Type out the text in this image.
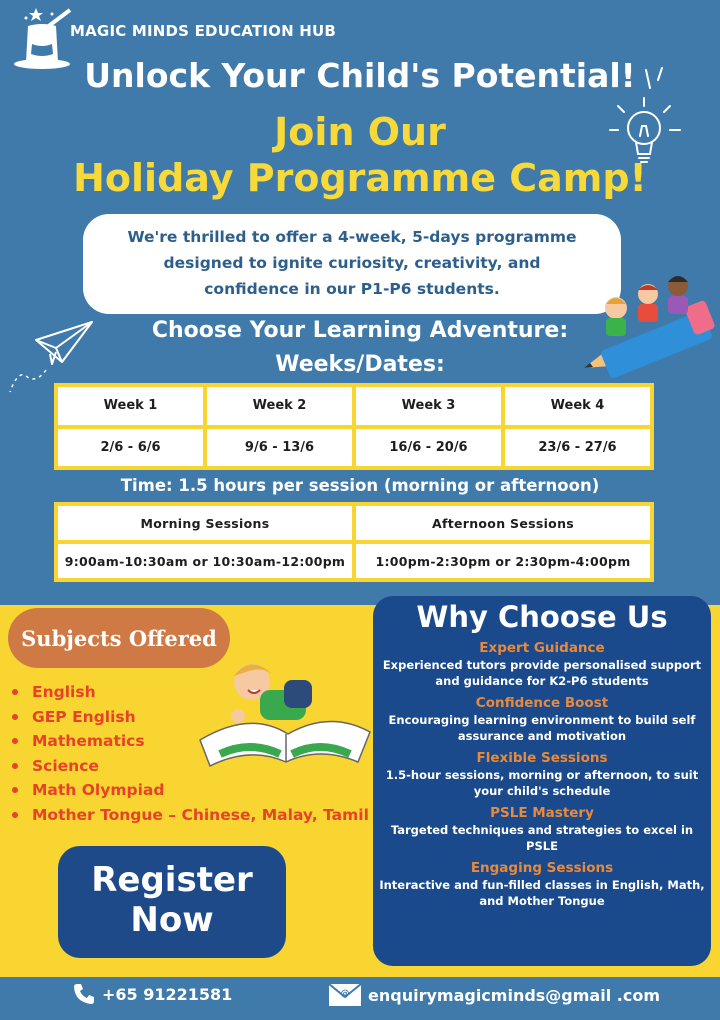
MAGIC MINDS EDUCATION HUB
Unlock Your Child's Potential!
Join Our
Holiday Programme Camp!
We're thrilled to offer a 4-week, 5-days programme
designed to ignite curiosity, creativity, and
confidence in our P1-P6 students.
Choose Your Learning Adventure:
Weeks/Dates:
Week 1	Week 2	Week 3	Week 4
2/6 - 6/6	9/6 - 13/6	16/6 - 20/6	23/6 - 27/6
Time: 1.5 hours per session (morning or afternoon)
Morning Sessions	Afternoon Sessions
9:00am-10:30am or 10:30am-12:00pm	1:00pm-2:30pm or 2:30pm-4:00pm
Subjects Offered
English
GEP English
Mathematics
Science
Math Olympiad
Mother Tongue – Chinese, Malay, Tamil
Register
Now
Why Choose Us
Expert Guidance
Experienced tutors provide personalised support and guidance for K2-P6 students
Confidence Boost
Encouraging learning environment to build self assurance and motivation
Flexible Sessions
1.5-hour sessions, morning or afternoon, to suit your child's schedule
PSLE Mastery
Targeted techniques and strategies to excel in PSLE
Engaging Sessions
Interactive and fun-filled classes in English, Math, and Mother Tongue
+65 91221581	@ enquirymagicminds@gmail .com
